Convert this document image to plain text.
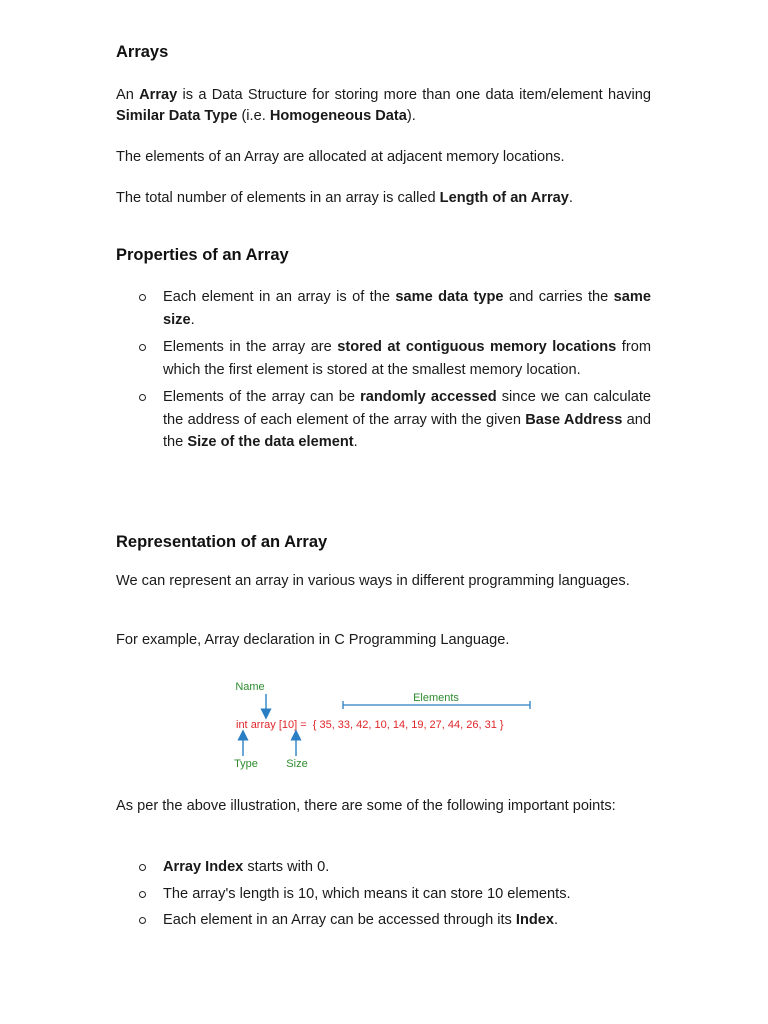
Arrays

An Array is a Data Structure for storing more than one data item/element having Similar Data Type (i.e. Homogeneous Data).

The elements of an Array are allocated at adjacent memory locations.

The total number of elements in an array is called Length of an Array.

Properties of an Array
Each element in an array is of the same data type and carries the same size.
Elements in the array are stored at contiguous memory locations from which the first element is stored at the smallest memory location.
Elements of the array can be randomly accessed since we can calculate the address of each element of the array with the given Base Address and the Size of the data element.
Representation of an Array

We can represent an array in various ways in different programming languages.

For example, Array declaration in C Programming Language.

As per the above illustration, there are some of the following important points:

Array Index starts with 0.
The array's length is 10, which means it can store 10 elements.
Each element in an Array can be accessed through its Index.
Name
Elements
int array [10] = { 35, 33, 42, 10, 14, 19, 27, 44, 26, 31 }
Type	Size
